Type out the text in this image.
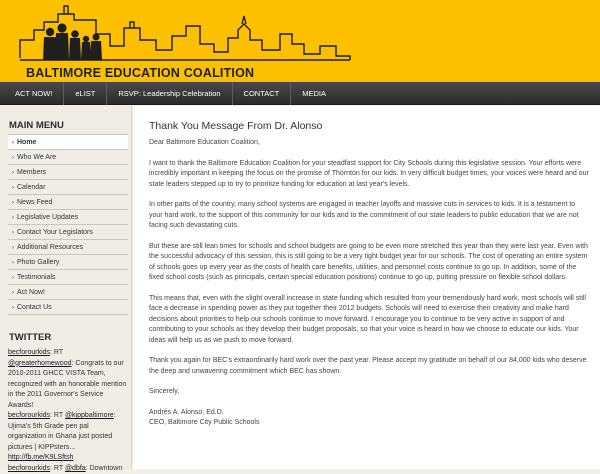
BALTIMORE EDUCATION COALITION
ACT NOW!	eLIST	RSVP: Leadership Celebration	CONTACT	MEDIA
MAIN MENU
› Home
› Who We Are
› Members
› Calendar
› News Feed
› Legislative Updates
› Contact Your Legislators
› Additional Resources
› Photo Gallery
› Testimonials
› Act Now!
› Contact Us
TWITTER
becforourkids: RT @greaterhomewood: Congrats to our 2010-2011 GHCC VISTA Team, recognized with an honorable mention in the 2011 Governor's Service Awards!
becforourkids: RT @kippbaltimore: Ujima's 5th Grade pen pal organization in Ghana just posted pictures | KIPPsters... http://fb.me/K9LSftsh
becforourkids: RT @dbfa: Downtown
Thank You Message From Dr. Alonso

Dear Baltimore Education Coalition,

I want to thank the Baltimore Education Coalition for your steadfast support for City Schools during this legislative session. Your efforts were incredibly important in keeping the focus on the promise of Thornton for our kids. In very difficult budget times, your voices were heard and our state leaders stepped up to try to prioritize funding for education at last year's levels.

In other parts of the country, many school systems are engaged in teacher layoffs and massive cuts in services to kids. It is a testament to your hard work, to the support of this community for our kids and to the commitment of our state leaders to public education that we are not facing such devastating cuts.

But these are still lean times for schools and school budgets are going to be even more stretched this year than they were last year. Even with the successful advocacy of this session, this is still going to be a very tight budget year for our schools. The cost of operating an entire system of schools goes up every year as the costs of health care benefits, utilities, and personnel costs continue to go up. In addition, some of the fixed school costs (such as principals, certain special education positions) continue to go up, putting pressure on flexible school dollars.

This means that, even with the slight overall increase in state funding which resulted from your tremendously hard work, most schools will still face a decrease in spending power as they put together their 2012 budgets. Schools will need to exercise their creativity and make hard decisions about priorities to help our schools continue to move forward. I encourage you to continue to be very active in support of and contributing to your schools as they develop their budget proposals, so that your voice is heard in how we choose to educate our kids. Your ideas will help us as we push to move forward.

Thank you again for BEC's extraordinarily hard work over the past year. Please accept my gratitude on behalf of our 84,000 kids who deserve the deep and unwavering commitment which BEC has shown.

Sincerely,

Andrés A. Alonso, Ed.D.

CEO, Baltimore City Public Schools
